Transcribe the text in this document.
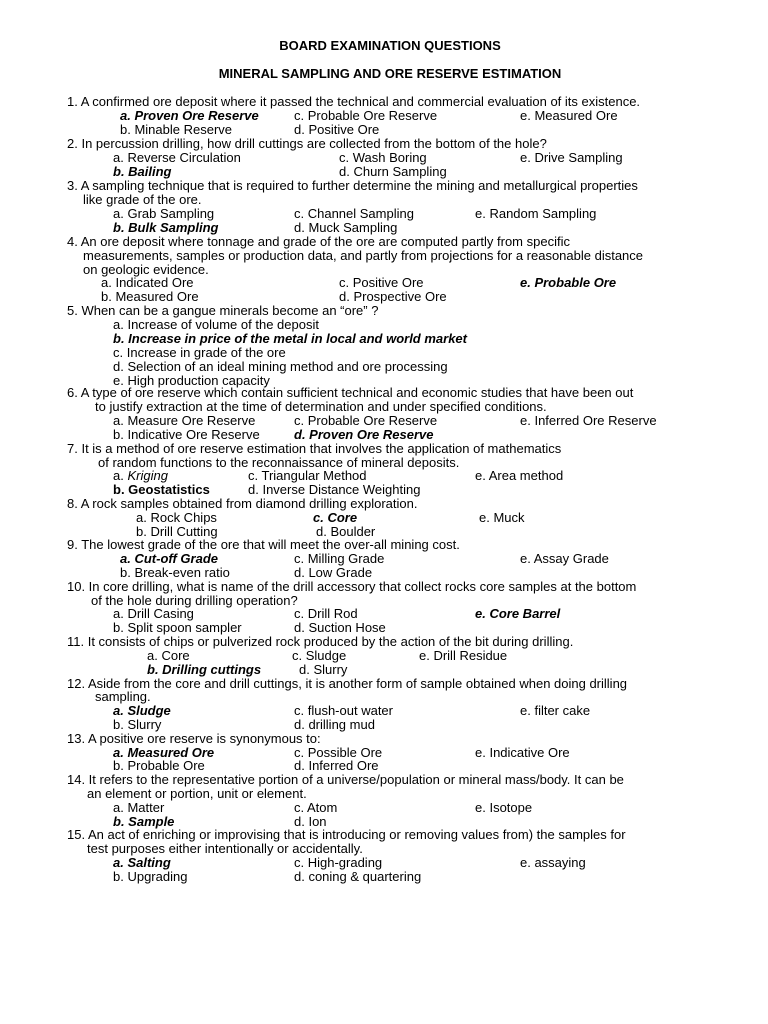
BOARD EXAMINATION QUESTIONS
MINERAL SAMPLING AND ORE RESERVE ESTIMATION
1. A confirmed ore deposit where it passed the technical and commercial evaluation of its existence.
a. Proven Ore Reserve	c. Probable Ore Reserve	e. Measured Ore
b. Minable Reserve	d. Positive Ore
2. In percussion drilling, how drill cuttings are collected from the bottom of the hole?
a. Reverse Circulation	c. Wash Boring	e. Drive Sampling
b. Bailing	d. Churn Sampling
3. A sampling technique that is required to further determine the mining and metallurgical properties
like grade of the ore.
a. Grab Sampling	c. Channel Sampling	e. Random Sampling
b. Bulk Sampling	d. Muck Sampling
4. An ore deposit where tonnage and grade of the ore are computed partly from specific
measurements, samples or production data, and partly from projections for a reasonable distance
on geologic evidence.
a. Indicated Ore	c. Positive Ore	e. Probable Ore
b. Measured Ore	d. Prospective Ore
5. When can be a gangue minerals become an “ore” ?
a. Increase of volume of the deposit
b. Increase in price of the metal in local and world market
c. Increase in grade of the ore
d. Selection of an ideal mining method and ore processing
e. High production capacity
6. A type of ore reserve which contain sufficient technical and economic studies that have been out
to justify extraction at the time of determination and under specified conditions.
a. Measure Ore Reserve	c. Probable Ore Reserve	e. Inferred Ore Reserve
b. Indicative Ore Reserve	d. Proven Ore Reserve
7. It is a method of ore reserve estimation that involves the application of mathematics
of random functions to the reconnaissance of mineral deposits.
a. Kriging	c. Triangular Method	e. Area method
b. Geostatistics	d. Inverse Distance Weighting
8. A rock samples obtained from diamond drilling exploration.
a. Rock Chips	c. Core	e. Muck
b. Drill Cutting	d. Boulder
9. The lowest grade of the ore that will meet the over-all mining cost.
a. Cut-off Grade	c. Milling Grade	e. Assay Grade
b. Break-even ratio	d. Low Grade
10. In core drilling, what is name of the drill accessory that collect rocks core samples at the bottom
of the hole during drilling operation?
a. Drill Casing	c. Drill Rod	e. Core Barrel
b. Split spoon sampler	d. Suction Hose
11. It consists of chips or pulverized rock produced by the action of the bit during drilling.
a. Core	c. Sludge	e. Drill Residue
b. Drilling cuttings	d. Slurry
12. Aside from the core and drill cuttings, it is another form of sample obtained when doing drilling
sampling.
a. Sludge	c. flush-out water	e. filter cake
b. Slurry	d. drilling mud
13. A positive ore reserve is synonymous to:
a. Measured Ore	c. Possible Ore	e. Indicative Ore
b. Probable Ore	d. Inferred Ore
14. It refers to the representative portion of a universe/population or mineral mass/body. It can be
an element or portion, unit or element.
a. Matter	c. Atom	e. Isotope
b. Sample	d. Ion
15. An act of enriching or improvising that is introducing or removing values from) the samples for
test purposes either intentionally or accidentally.
a. Salting	c. High-grading	e. assaying
b. Upgrading	d. coning & quartering
